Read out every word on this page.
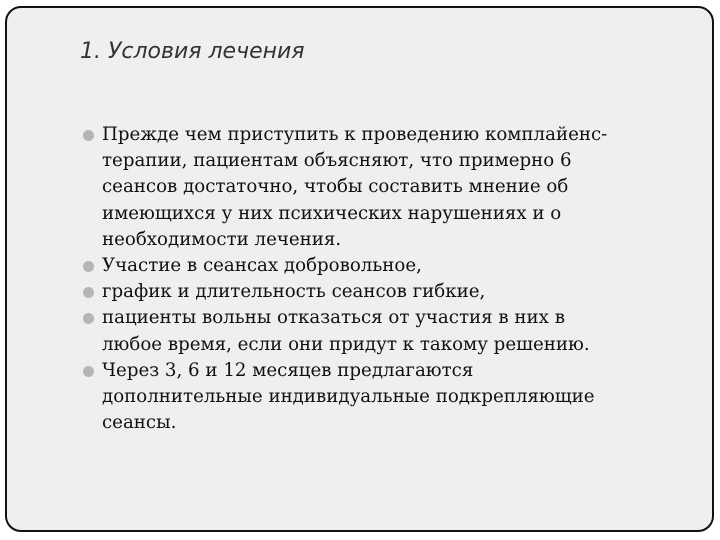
1. Условия лечения
Прежде чем приступить к проведению комплайенс-
терапии, пациентам объясняют, что примерно 6
сеансов достаточно, чтобы составить мнение об
имеющихся у них психических нарушениях и о
необходимости лечения.
Участие в сеансах добровольное,
график и длительность сеансов гибкие,
пациенты вольны отказаться от участия в них в
любое время, если они придут к такому решению.
Через 3, 6 и 12 месяцев предлагаются
дополнительные индивидуальные подкрепляющие
сеансы.
